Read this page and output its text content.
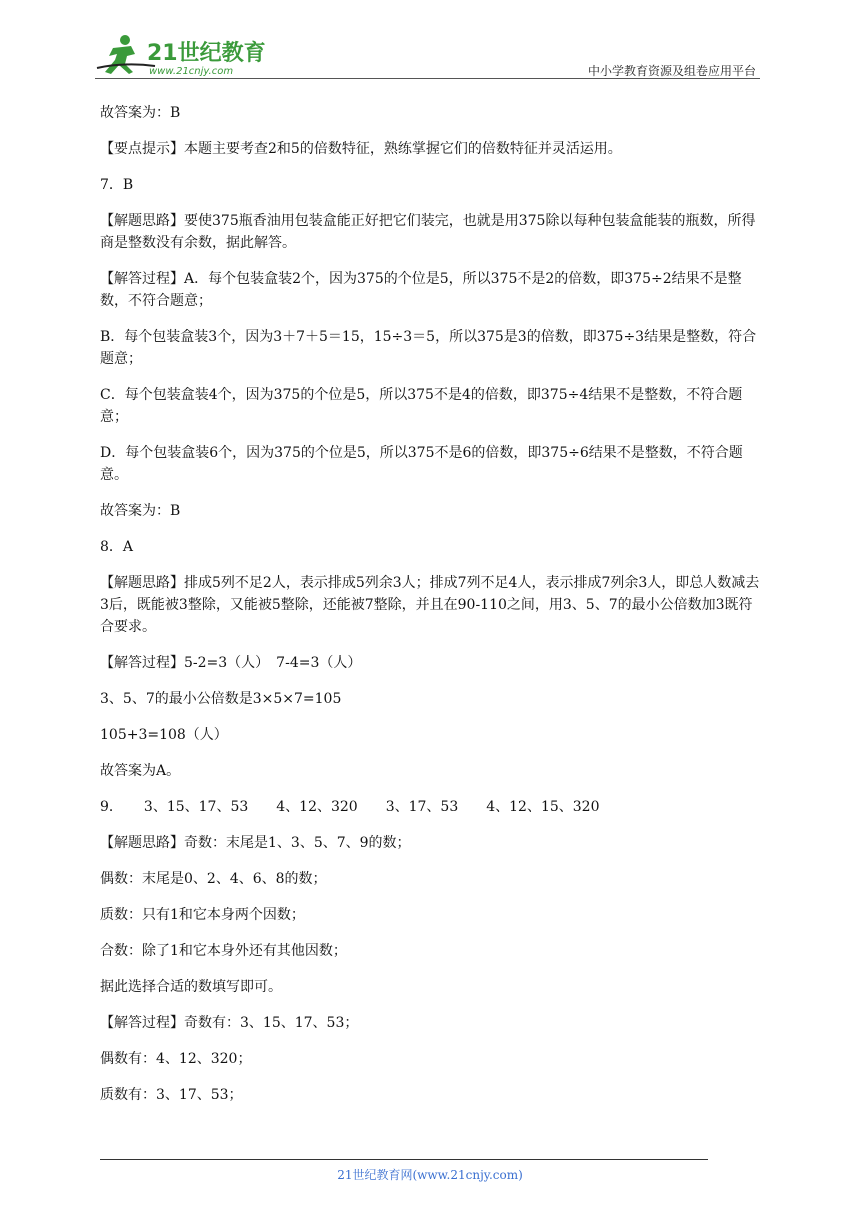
21世纪教育
www.21cnjy.com	中小学教育资源及组卷应用平台

故答案为：B

【要点提示】本题主要考查2和5的倍数特征，熟练掌握它们的倍数特征并灵活运用。

7．B

【解题思路】要使375瓶香油用包装盒能正好把它们装完，也就是用375除以每种包装盒能装的瓶数，所得商是整数没有余数，据此解答。

【解答过程】A．每个包装盒装2个，因为375的个位是5，所以375不是2的倍数，即375÷2结果不是整数，不符合题意；

B．每个包装盒装3个，因为3＋7＋5＝15，15÷3＝5，所以375是3的倍数，即375÷3结果是整数，符合题意；

C．每个包装盒装4个，因为375的个位是5，所以375不是4的倍数，即375÷4结果不是整数，不符合题意；

D．每个包装盒装6个，因为375的个位是5，所以375不是6的倍数，即375÷6结果不是整数，不符合题意。

故答案为：B

8．A

【解题思路】排成5列不足2人，表示排成5列余3人；排成7列不足4人，表示排成7列余3人，即总人数减去3后，既能被3整除，又能被5整除，还能被7整除，并且在90-110之间，用3、5、7的最小公倍数加3既符合要求。

【解答过程】5-2=3（人）　7-4=3（人）

3、5、7的最小公倍数是3×5×7=105

105+3=108（人）

故答案为A。

9．　　3、15、17、53　　4、12、320　　3、17、53　　4、12、15、320

【解题思路】奇数：末尾是1、3、5、7、9的数；

偶数：末尾是0、2、4、6、8的数；

质数：只有1和它本身两个因数；

合数：除了1和它本身外还有其他因数；

据此选择合适的数填写即可。

【解答过程】奇数有：3、15、17、53；

偶数有：4、12、320；

质数有：3、17、53；

21世纪教育网(www.21cnjy.com)
